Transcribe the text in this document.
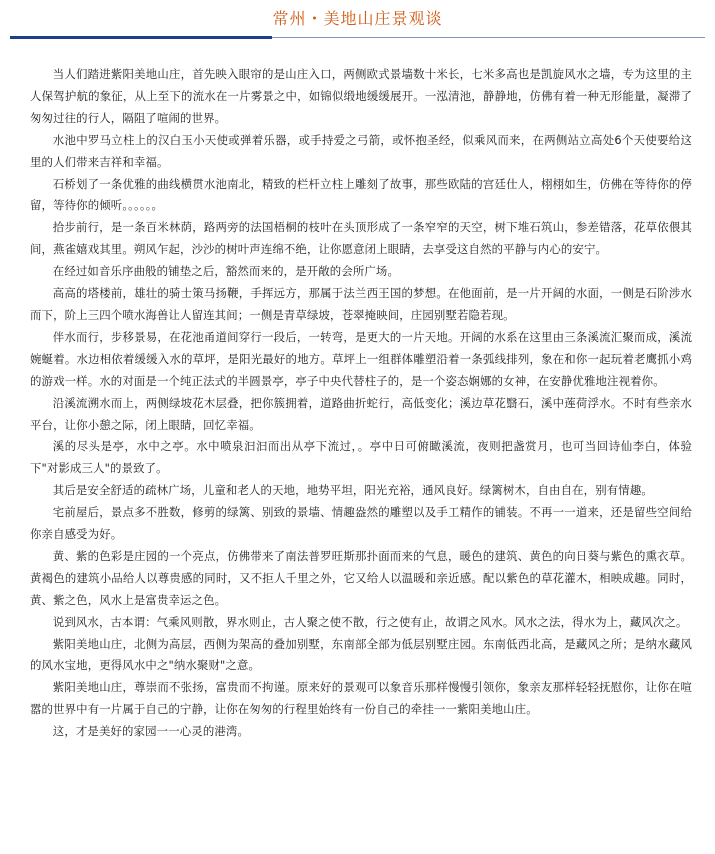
常州・美地山庄景观谈

当人们踏进紫阳美地山庄，首先映入眼帘的是山庄入口，两侧欧式景墙数十米长，七米多高也是凯旋风水之墙，专为这里的主人保驾护航的象征，从上至下的流水在一片雾景之中，如锦似缎地缓缓展开。一泓清池，静静地，仿佛有着一种无形能量，凝滞了匆匆过往的行人，隔阻了喧闹的世界。

水池中罗马立柱上的汉白玉小天使或弹着乐器，或手持爱之弓箭，或怀抱圣经，似乘风而来，在两侧站立高处6个天使要给这里的人们带来吉祥和幸福。

石桥划了一条优雅的曲线横贯水池南北，精致的栏杆立柱上雕刻了故事，那些欧陆的宫廷仕人，栩栩如生，仿佛在等待你的停留，等待你的倾听。。。。。。

拾步前行，是一条百米林荫，路两旁的法国梧桐的枝叶在头顶形成了一条窄窄的天空，树下堆石筑山，参差错落，花草依偎其间，燕雀嬉戏其里。朔风乍起，沙沙的树叶声连绵不绝，让你愿意闭上眼睛，去享受这自然的平静与内心的安宁。

在经过如音乐序曲般的铺垫之后，豁然而来的，是开敞的会所广场。

高高的塔楼前，雄壮的骑士策马扬鞭，手挥远方，那属于法兰西王国的梦想。在他面前，是一片开阔的水面，一侧是石阶涉水而下，阶上三四个喷水海兽让人留连其间；一侧是青草绿坡，苍翠掩映间，庄园别墅若隐若现。

伴水而行，步移景易，在花池甬道间穿行一段后，一转弯，是更大的一片天地。开阔的水系在这里由三条溪流汇聚而成，溪流婉蜒着。水边相依着缓缓入水的草坪，是阳光最好的地方。草坪上一组群体雕塑沿着一条弧线排列，象在和你一起玩着老鹰抓小鸡的游戏一样。水的对面是一个纯正法式的半圆景亭，亭子中央代替柱子的，是一个姿态娴娜的女神，在安静优雅地注视着你。

沿溪流溯水而上，两侧绿坡花木层叠，把你簇拥着，道路曲折蛇行，高低变化；溪边草花翳石，溪中莲荷浮水。不时有些亲水平台，让你小憩之际，闭上眼睛，回忆幸福。

溪的尽头是亭，水中之亭。水中喷泉汩汩而出从亭下流过，。亭中日可俯瞰溪流，夜则把盏赏月，也可当回诗仙李白，体验下"对影成三人"的景致了。

其后是安全舒适的疏林广场，儿童和老人的天地，地势平坦，阳光充裕，通风良好。绿篱树木，自由自在，别有情趣。

宅前屋后，景点多不胜数，修剪的绿篱、别致的景墙、情趣盎然的雕塑以及手工精作的铺装。不再一一道来，还是留些空间给你亲自感受为好。

黄、紫的色彩是庄园的一个亮点，仿佛带来了南法普罗旺斯那扑面而来的气息，暖色的建筑、黄色的向日葵与紫色的熏衣草。黄褐色的建筑小品给人以尊贵感的同时，又不拒人千里之外，它又给人以温暖和亲近感。配以紫色的草花灌木，相映成趣。同时，黄、紫之色，风水上是富贵幸运之色。

说到风水，古本谓：气乘风则散，界水则止，古人聚之使不散，行之使有止，故谓之风水。风水之法，得水为上，藏风次之。

紫阳美地山庄，北侧为高层，西侧为架高的叠加别墅，东南部全部为低层别墅庄园。东南低西北高，是藏风之所；是纳水藏风的风水宝地，更得风水中之"纳水聚财"之意。

紫阳美地山庄，尊崇而不张扬，富贵而不拘谨。原来好的景观可以象音乐那样慢慢引领你，象亲友那样轻轻抚慰你，让你在喧嚣的世界中有一片属于自己的宁静，让你在匆匆的行程里始终有一份自己的牵挂一一紫阳美地山庄。

这，才是美好的家园一一心灵的港湾。
